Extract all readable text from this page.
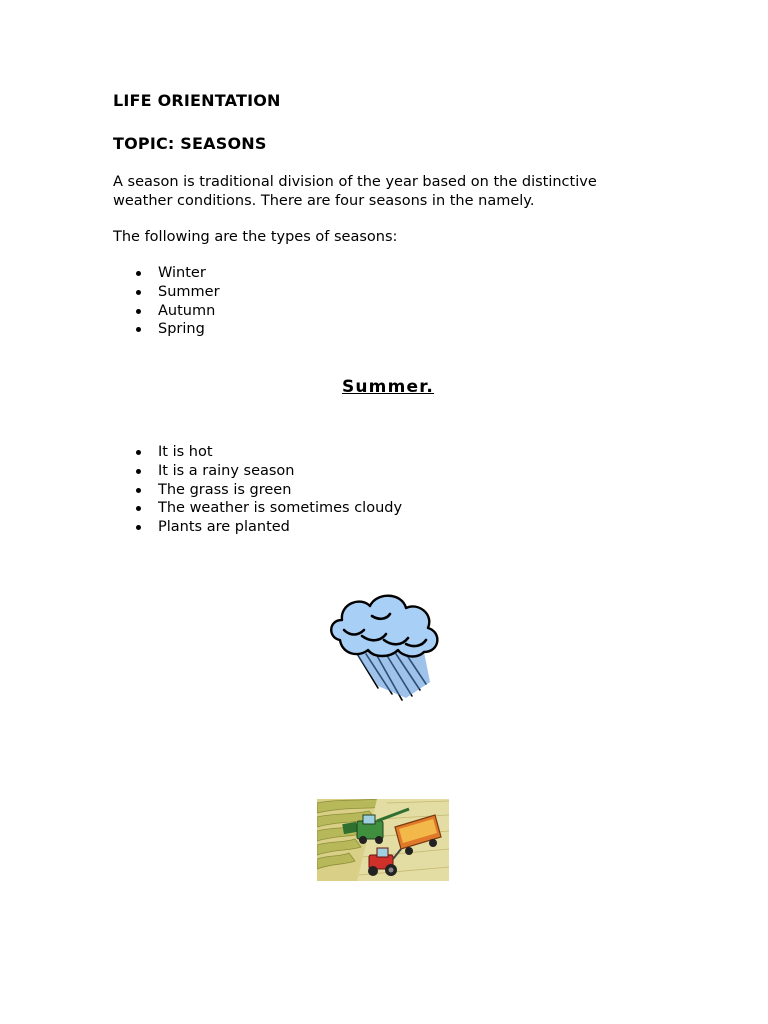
LIFE ORIENTATION
TOPIC: SEASONS

A season is traditional division of the year based on the distinctive weather conditions. There are four seasons in the namely.

The following are the types of seasons:

Winter
Summer
Autumn
Spring
Summer.
It is hot
It is a rainy season
The grass is green
The weather is sometimes cloudy
Plants are planted
